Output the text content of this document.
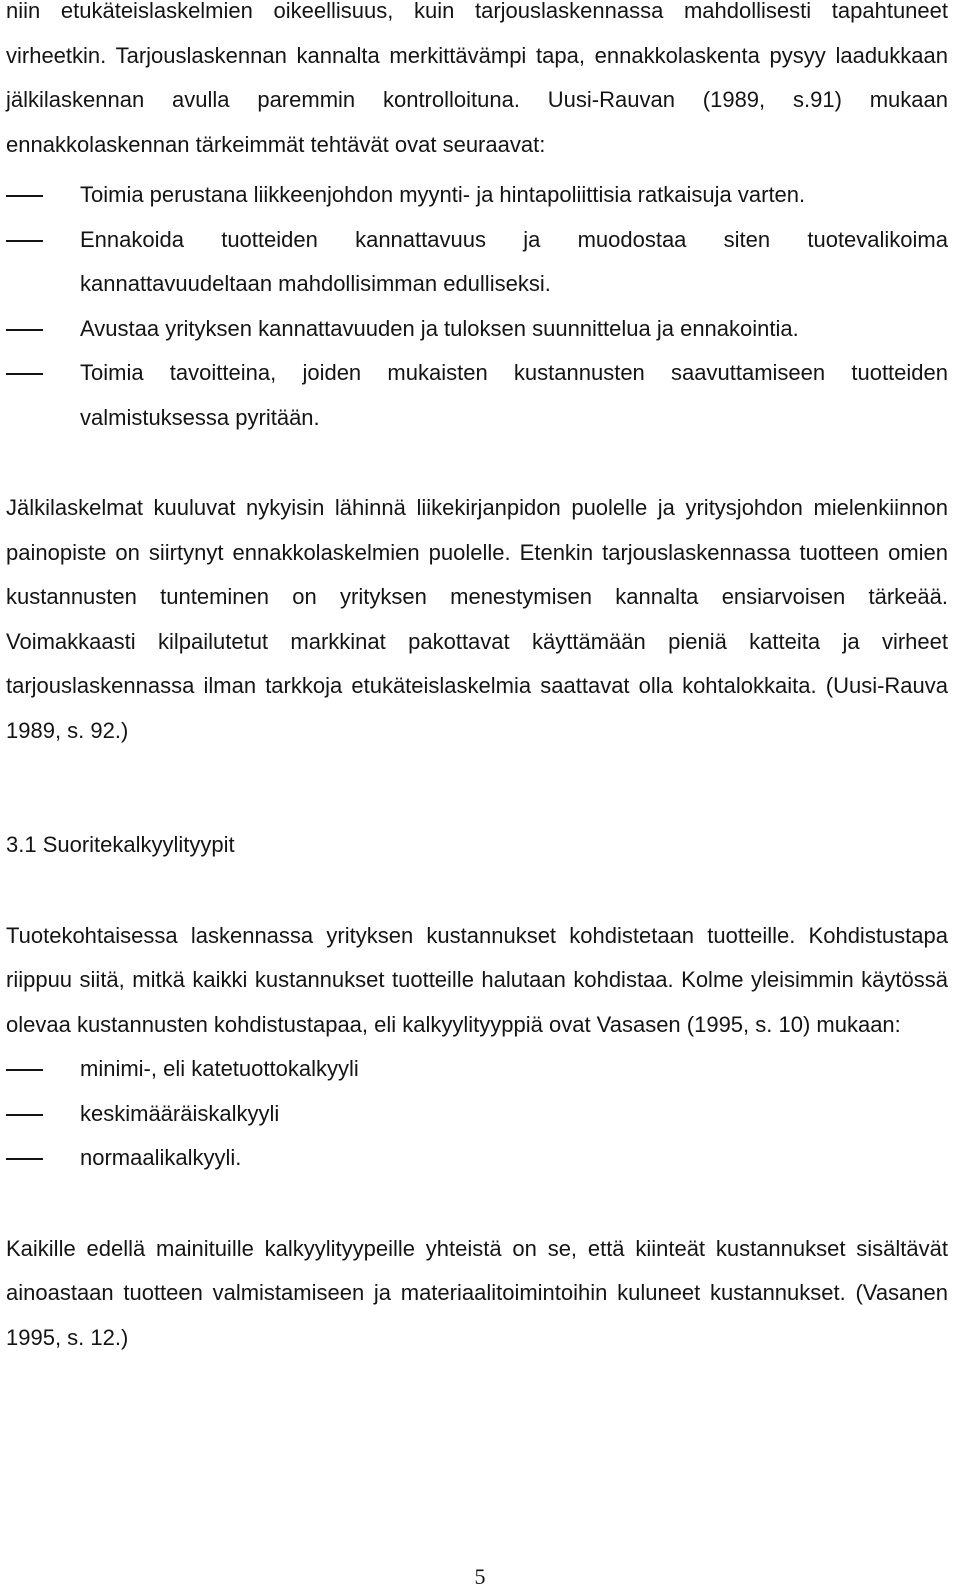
niin etukäteislaskelmien oikeellisuus, kuin tarjouslaskennassa mahdollisesti tapahtuneet virheetkin. Tarjouslaskennan kannalta merkittävämpi tapa, ennakkolaskenta pysyy laadukkaan jälkilaskennan avulla paremmin kontrolloituna. Uusi-Rauvan (1989, s.91) mukaan ennakkolaskennan tärkeimmät tehtävät ovat seuraavat:

Toimia perustana liikkeenjohdon myynti- ja hintapoliittisia ratkaisuja varten.
Ennakoida tuotteiden kannattavuus ja muodostaa siten tuotevalikoima kannattavuudeltaan mahdollisimman edulliseksi.
Avustaa yrityksen kannattavuuden ja tuloksen suunnittelua ja ennakointia.
Toimia tavoitteina, joiden mukaisten kustannusten saavuttamiseen tuotteiden valmistuksessa pyritään.

Jälkilaskelmat kuuluvat nykyisin lähinnä liikekirjanpidon puolelle ja yritysjohdon mielenkiinnon painopiste on siirtynyt ennakkolaskelmien puolelle. Etenkin tarjouslaskennassa tuotteen omien kustannusten tunteminen on yrityksen menestymisen kannalta ensiarvoisen tärkeää. Voimakkaasti kilpailutetut markkinat pakottavat käyttämään pieniä katteita ja virheet tarjouslaskennassa ilman tarkkoja etukäteislaskelmia saattavat olla kohtalokkaita. (Uusi-Rauva 1989, s. 92.)

3.1 Suoritekalkyylityypit

Tuotekohtaisessa laskennassa yrityksen kustannukset kohdistetaan tuotteille. Kohdistustapa riippuu siitä, mitkä kaikki kustannukset tuotteille halutaan kohdistaa. Kolme yleisimmin käytössä olevaa kustannusten kohdistustapaa, eli kalkyylityyppiä ovat Vasasen (1995, s. 10) mukaan:

minimi-, eli katetuottokalkyyli
keskimääräiskalkyyli
normaalikalkyyli.

Kaikille edellä mainituille kalkyylityypeille yhteistä on se, että kiinteät kustannukset sisältävät ainoastaan tuotteen valmistamiseen ja materiaalitoimintoihin kuluneet kustannukset. (Vasanen 1995, s. 12.)

5
